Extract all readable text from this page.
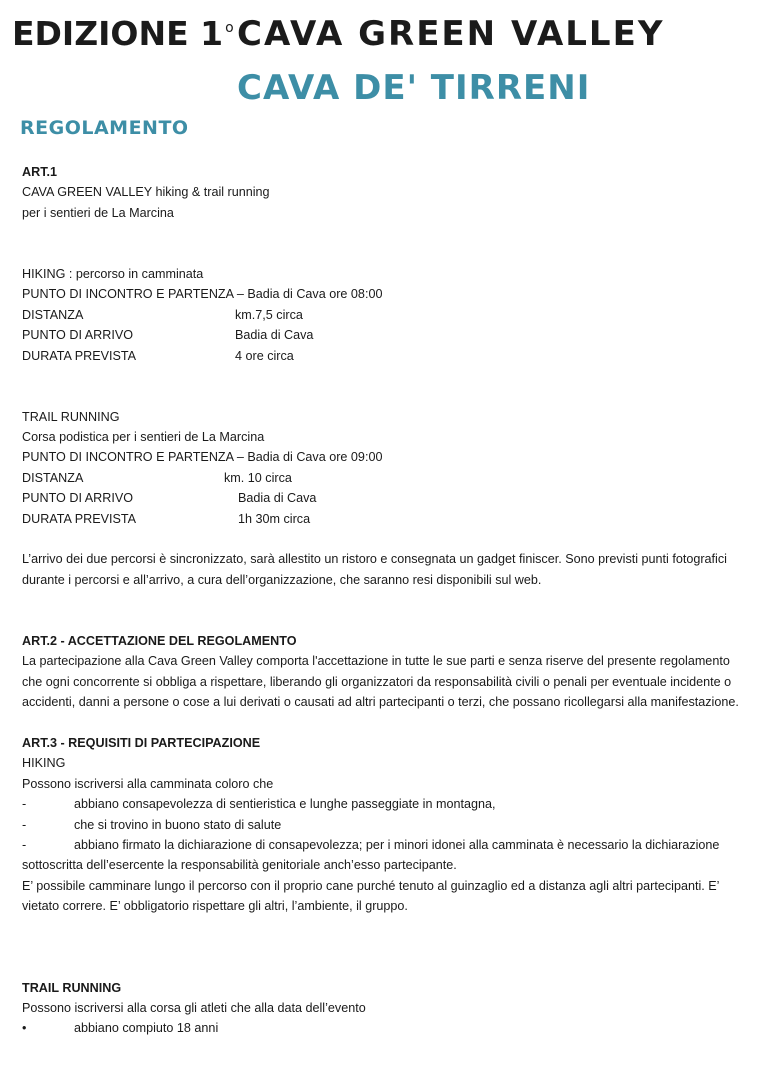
EDIZIONE 1 $^o$ CAVA GREEN VALLEY
CAVA DE' TIRRENI
REGOLAMENTO
ART.1
CAVA GREEN VALLEY hiking & trail running
per i sentieri de La Marcina
HIKING : percorso in camminata
PUNTO DI INCONTRO E PARTENZA – Badia di Cava ore 08:00
DISTANZA	km.7,5 circa
PUNTO DI ARRIVO	Badia di Cava
DURATA PREVISTA	4 ore circa
TRAIL RUNNING
Corsa podistica per i sentieri de La Marcina
PUNTO DI INCONTRO E PARTENZA – Badia di Cava ore 09:00
DISTANZA	km. 10 circa
PUNTO DI ARRIVO	Badia di Cava
DURATA PREVISTA	1h 30m circa
L’arrivo dei due percorsi è sincronizzato, sarà allestito un ristoro e consegnata un gadget finiscer. Sono previsti punti fotografici
durante i percorsi e all’arrivo, a cura dell’organizzazione, che saranno resi disponibili sul web.
ART.2 - ACCETTAZIONE DEL REGOLAMENTO
La partecipazione alla Cava Green Valley comporta l'accettazione in tutte le sue parti e senza riserve del presente regolamento
che ogni concorrente si obbliga a rispettare, liberando gli organizzatori da responsabilità civili o penali per eventuale incidente o
accidenti, danni a persone o cose a lui derivati o causati ad altri partecipanti o terzi, che possano ricollegarsi alla manifestazione.
ART.3 - REQUISITI DI PARTECIPAZIONE
HIKING
Possono iscriversi alla camminata coloro che
-	abbiano consapevolezza di sentieristica e lunghe passeggiate in montagna,
-	che si trovino in buono stato di salute
-	abbiano firmato la dichiarazione di consapevolezza; per i minori idonei alla camminata è necessario la dichiarazione
sottoscritta dell’esercente la responsabilità genitoriale anch’esso partecipante.
E’ possibile camminare lungo il percorso con il proprio cane purché tenuto al guinzaglio ed a distanza agli altri partecipanti. E’
vietato correre. E’ obbligatorio rispettare gli altri, l’ambiente, il gruppo.
TRAIL RUNNING
Possono iscriversi alla corsa gli atleti che alla data dell’evento
•	abbiano compiuto 18 anni
